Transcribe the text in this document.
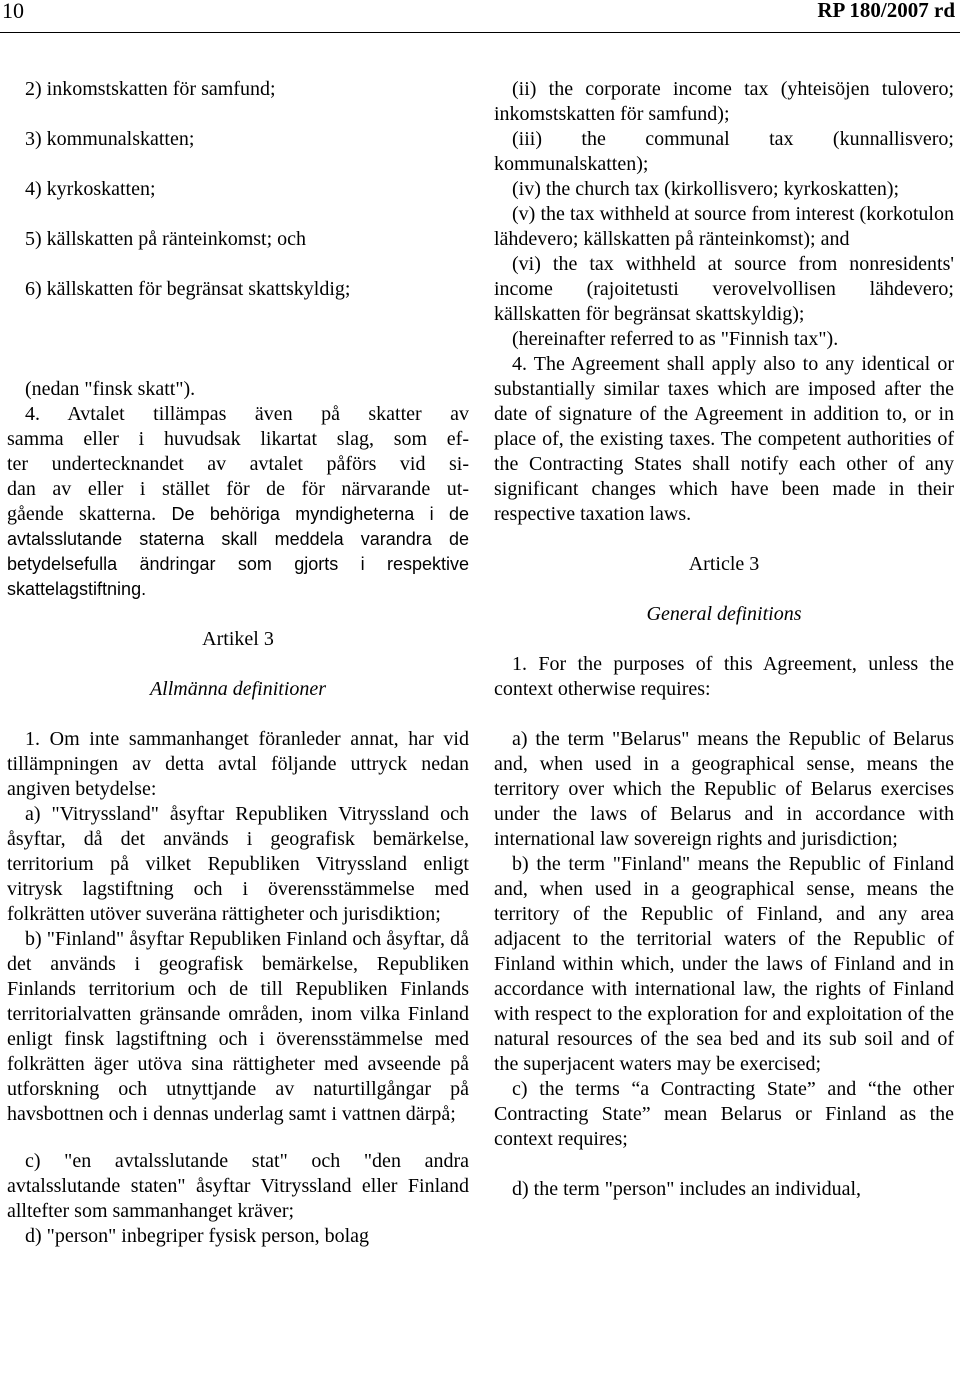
10	RP 180/2007 rd

2) inkomstskatten för samfund;

3) kommunalskatten;

4) kyrkoskatten;

5) källskatten på ränteinkomst; och

6) källskatten för begränsat skattskyldig;

(nedan "finsk skatt").

4. Avtalet tillämpas även på skatter av

samma eller i huvudsak likartat slag, som ef-

ter undertecknandet av avtalet påförs vid si-

dan av eller i stället för de för närvarande ut-

gående skatterna. De behöriga myndigheterna i de avtalsslutande staterna skall meddela varandra de betydelsefulla ändringar som gjorts i respektive skattelagstiftning.

Artikel 3

Allmänna definitioner

1. Om inte sammanhanget föranleder annat, har vid tillämpningen av detta avtal följande uttryck nedan angiven betydelse:

a) "Vitryssland" åsyftar Republiken Vitryssland och åsyftar, då det används i geografisk bemärkelse, territorium på vilket Republiken Vitryssland enligt vitrysk lagstiftning och i överensstämmelse med folkrätten utöver suveräna rättigheter och jurisdiktion;

b) "Finland" åsyftar Republiken Finland och åsyftar, då det används i geografisk bemärkelse, Republiken Finlands territorium och de till Republiken Finlands territorialvatten gränsande områden, inom vilka Finland enligt finsk lagstiftning och i överensstämmelse med folkrätten äger utöva sina rättigheter med avseende på utforskning och utnyttjande av naturtillgångar på havsbottnen och i dennas underlag samt i vattnen därpå;

c) "en avtalsslutande stat" och "den andra avtalsslutande staten" åsyftar Vitryssland eller Finland alltefter som sammanhanget kräver;

d) "person" inbegriper fysisk person, bolag

(ii) the corporate income tax (yhteisöjen tulovero; inkomstskatten för samfund);

(iii) the communal tax (kunnallisvero; kommunalskatten);

(iv) the church tax (kirkollisvero; kyrkoskatten);

(v) the tax withheld at source from interest (korkotulon lähdevero; källskatten på ränteinkomst); and

(vi) the tax withheld at source from nonresidents' income (rajoitetusti verovelvollisen lähdevero; källskatten för begränsat skattskyldig);

(hereinafter referred to as "Finnish tax").

4. The Agreement shall apply also to any identical or substantially similar taxes which are imposed after the date of signature of the Agreement in addition to, or in place of, the existing taxes. The competent authorities of the Contracting States shall notify each other of any significant changes which have been made in their respective taxation laws.

Article 3

General definitions

1. For the purposes of this Agreement, unless the context otherwise requires:

a) the term "Belarus" means the Republic of Belarus and, when used in a geographical sense, means the territory over which the Republic of Belarus exercises under the laws of Belarus and in accordance with international law sovereign rights and jurisdiction;

b) the term "Finland" means the Republic of Finland and, when used in a geographical sense, means the territory of the Republic of Finland, and any area adjacent to the territorial waters of the Republic of Finland within which, under the laws of Finland and in accordance with international law, the rights of Finland with respect to the exploration for and exploitation of the natural resources of the sea bed and its sub soil and of the superjacent waters may be exercised;

c) the terms “a Contracting State” and “the other Contracting State” mean Belarus or Finland as the context requires;

d) the term "person" includes an individual,
